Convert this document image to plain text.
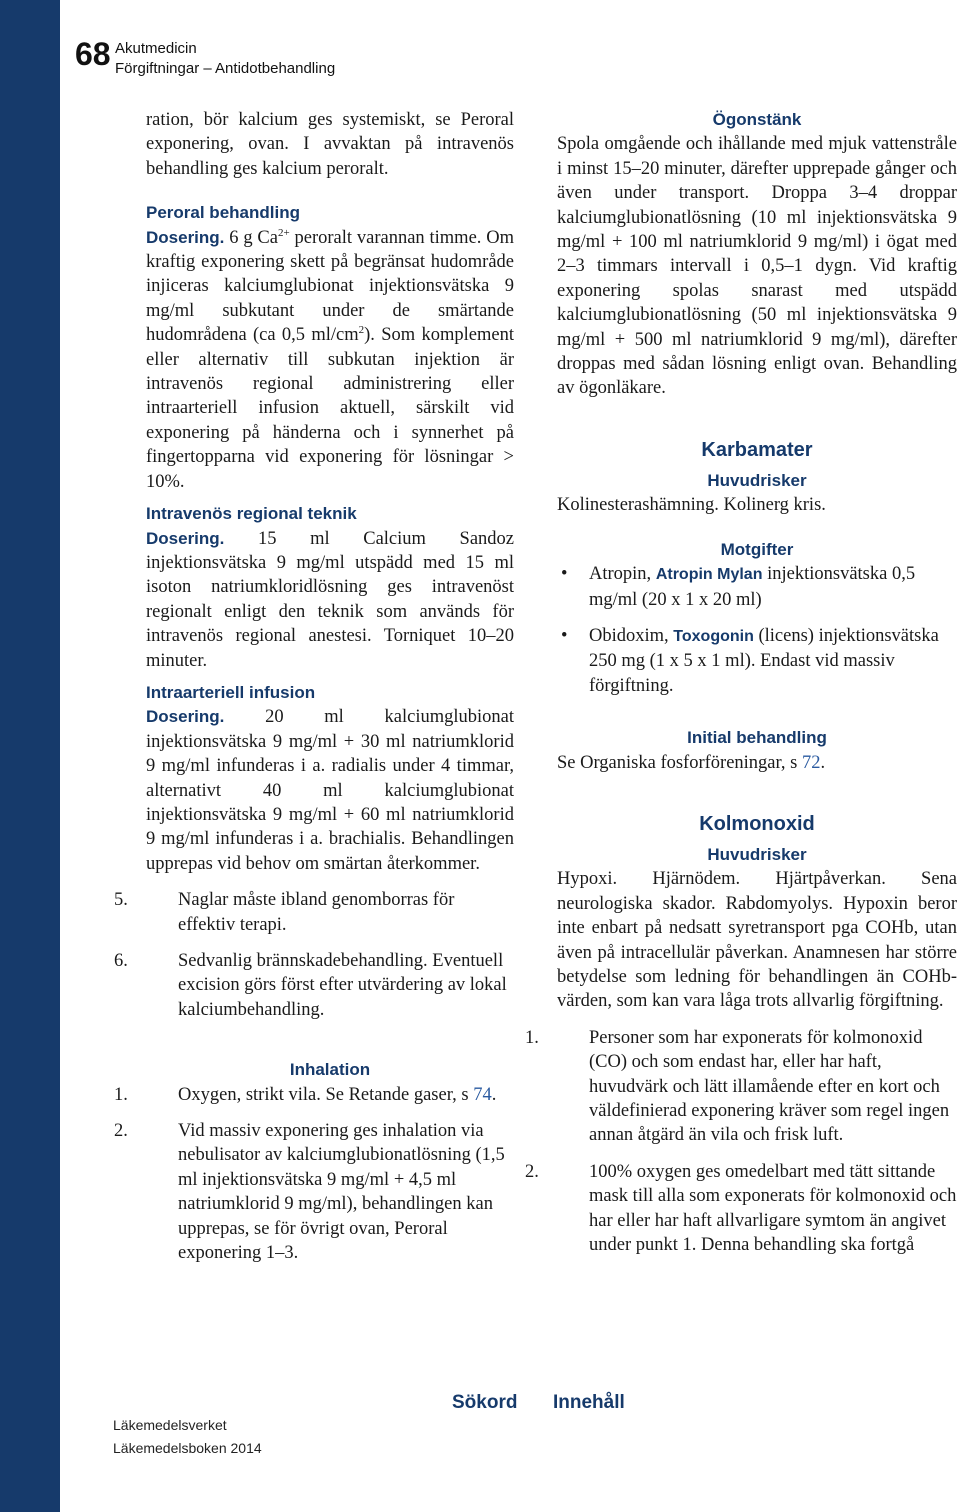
68 Akutmedicin
Förgiftningar – Antidotbehandling

ration, bör kalcium ges systemiskt, se Peroral exponering, ovan. I avvaktan på intravenös behandling ges kalcium peroralt.

Peroral behandling

Dosering. 6 g $Ca^{2+}$ peroralt varannan timme. Om kraftig exponering skett på begränsat hudområde injiceras kalciumglubionat injektionsvätska 9 mg/ml subkutant under de smärtande hudområdena (ca 0,5 $ml/cm^2$). Som komplement eller alternativ till subkutan injektion är intravenös regional administrering eller intraarteriell infusion aktuell, särskilt vid exponering på händerna och i synnerhet på fingertopparna vid exponering för lösningar > 10%.

Intravenös regional teknik

Dosering. 15 ml Calcium Sandoz injektionsvätska 9 mg/ml utspädd med 15 ml isoton natriumkloridlösning ges intravenöst regionalt enligt den teknik som används för intravenös regional anestesi. Torniquet 10–20 minuter.

Intraarteriell infusion

Dosering. 20 ml kalciumglubionat injektionsvätska 9 mg/ml + 30 ml natriumklorid 9 mg/ml infunderas i a. radialis under 4 timmar, alternativt 40 ml kalciumglubionat injektionsvätska 9 mg/ml + 60 ml natriumklorid 9 mg/ml infunderas i a. brachialis. Behandlingen upprepas vid behov om smärtan återkommer.

5.	Naglar måste ibland genomborras för effektiv terapi.
6.	Sedvanlig brännskadebehandling. Eventuell excision görs först efter utvärdering av lokal kalciumbehandling.
Inhalation
1.	Oxygen, strikt vila. Se Retande gaser, s 74.
2.	Vid massiv exponering ges inhalation via nebulisator av kalciumglubionatlösning (1,5 ml injektionsvätska 9 mg/ml + 4,5 ml natriumklorid 9 mg/ml), behandlingen kan upprepas, se för övrigt ovan, Peroral exponering 1–3.
Ögonstänk

Spola omgående och ihållande med mjuk vattenstråle i minst 15–20 minuter, därefter upprepade gånger och även under transport. Droppa 3–4 droppar kalciumglubionatlösning (10 ml injektionsvätska 9 mg/ml + 100 ml natriumklorid 9 mg/ml) i ögat med 2–3 timmars intervall i 0,5–1 dygn. Vid kraftig exponering spolas snarast med utspädd kalciumglubionatlösning (50 ml injektionsvätska 9 mg/ml + 500 ml natriumklorid 9 mg/ml), därefter droppas med sådan lösning enligt ovan. Behandling av ögonläkare.

Karbamater
Huvudrisker

Kolinesterashämning. Kolinerg kris.

Motgifter
• Atropin, Atropin Mylan injektionsvätska 0,5 mg/ml (20 x 1 x 20 ml)
• Obidoxim, Toxogonin (licens) injektionsvätska 250 mg (1 x 5 x 1 ml). Endast vid massiv förgiftning.
Initial behandling

Se Organiska fosforföreningar, s 72.

Kolmonoxid
Huvudrisker

Hypoxi. Hjärnödem. Hjärtpåverkan. Sena neurologiska skador. Rabdomyolys. Hypoxin beror inte enbart på nedsatt syretransport pga COHb, utan även på intracellulär påverkan. Anamnesen har större betydelse som ledning för behandlingen än COHb-värden, som kan vara låga trots allvarlig förgiftning.

1.	Personer som har exponerats för kolmonoxid (CO) och som endast har, eller har haft, huvudvärk och lätt illamående efter en kort och väldefinierad exponering kräver som regel ingen annan åtgärd än vila och frisk luft.
2.	100% oxygen ges omedelbart med tätt sittande mask till alla som exponerats för kolmonoxid och har eller har haft allvarligare symtom än angivet under punkt 1. Denna behandling ska fortgå
Sökord Innehåll
Läkemedelsverket
Läkemedelsboken 2014
